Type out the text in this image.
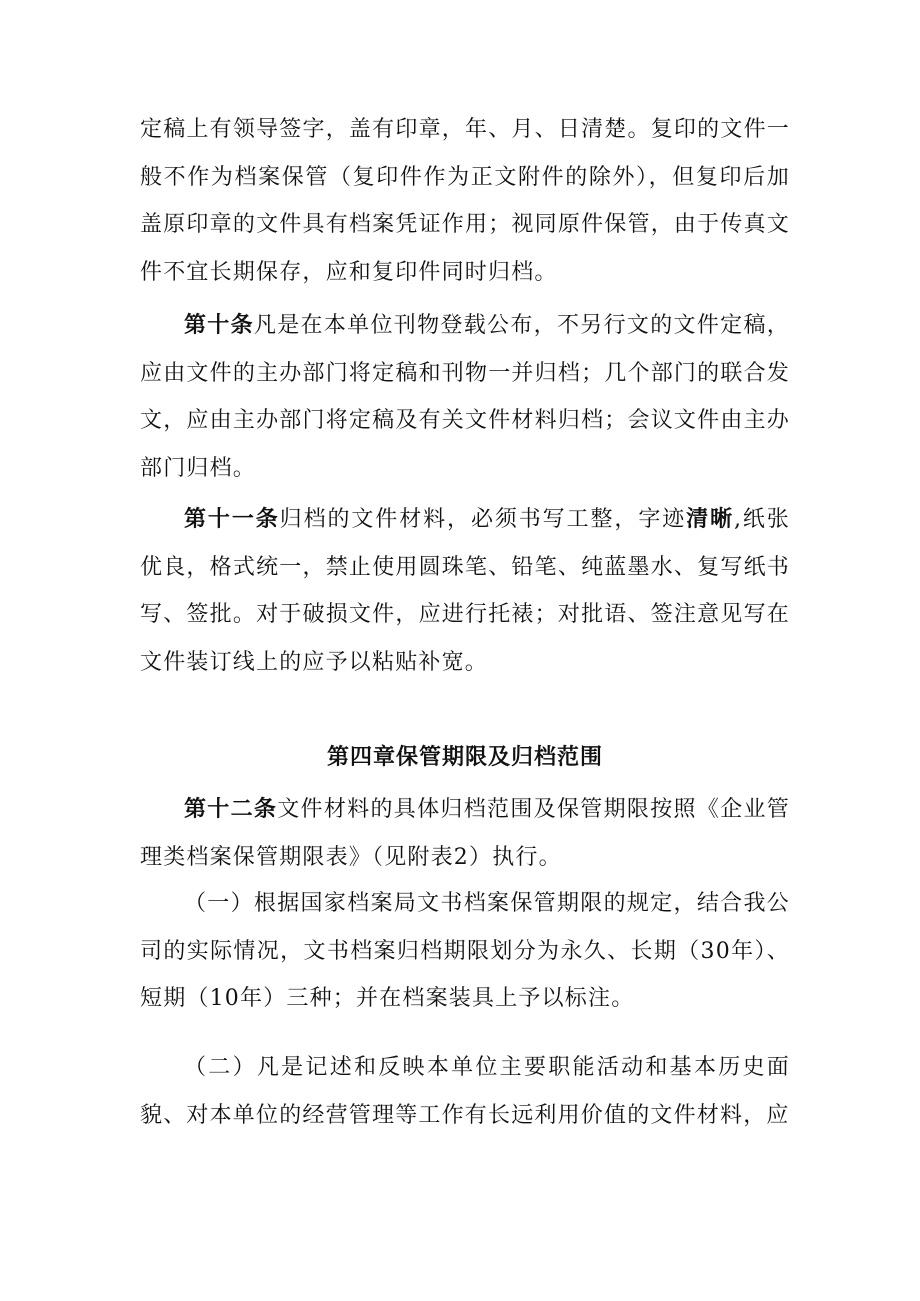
定稿上有领导签字，盖有印章，年、月、日清楚。复印的文件一般不作为档案保管（复印件作为正文附件的除外），但复印后加盖原印章的文件具有档案凭证作用；视同原件保管，由于传真文件不宜长期保存，应和复印件同时归档。

第十条凡是在本单位刊物登载公布，不另行文的文件定稿，应由文件的主办部门将定稿和刊物一并归档；几个部门的联合发文，应由主办部门将定稿及有关文件材料归档；会议文件由主办部门归档。

第十一条归档的文件材料，必须书写工整，字迹清晰,纸张优良，格式统一，禁止使用圆珠笔、铅笔、纯蓝墨水、复写纸书写、签批。对于破损文件，应进行托裱；对批语、签注意见写在文件装订线上的应予以粘贴补宽。

第四章保管期限及归档范围

第十二条文件材料的具体归档范围及保管期限按照《企业管理类档案保管期限表》（见附表2）执行。

（一）根据国家档案局文书档案保管期限的规定，结合我公司的实际情况，文书档案归档期限划分为永久、长期（30年）、短期（10年）三种；并在档案装具上予以标注。

（二）凡是记述和反映本单位主要职能活动和基本历史面貌、对本单位的经营管理等工作有长远利用价值的文件材料，应
